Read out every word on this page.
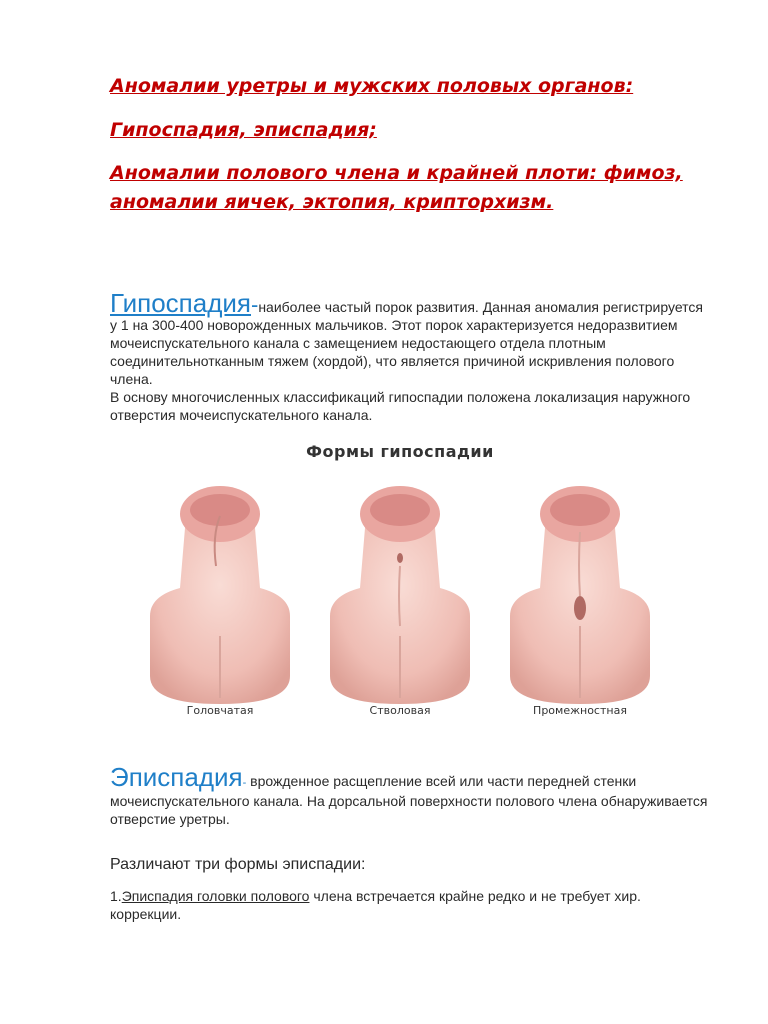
Аномалии уретры и мужских половых органов:

Гипоспадия, эписпадия;

Аномалии полового члена и крайней плоти: фимоз, аномалии яичек, эктопия, крипторхизм.

Гипоспадия-наиболее частый порок развития. Данная аномалия регистрируется у 1 на 300-400 новорожденных мальчиков. Этот порок характеризуется недоразвитием мочеиспускательного канала с замещением недостающего отдела плотным соединительнотканным тяжем (хордой), что является причиной искривления полового члена.
В основу многочисленных классификаций гипоспадии положена локализация наружного отверстия мочеиспускательного канала.
Формы гипоспадии
Головчатая	Стволовая	Промежностная
Эписпадия- врожденное расщепление всей или части передней стенки мочеиспускательного канала. На дорсальной поверхности полового члена обнаруживается отверстие уретры.
Различают три формы эписпадии:
1.Эписпадия головки полового члена встречается крайне редко и не требует хир. коррекции.
